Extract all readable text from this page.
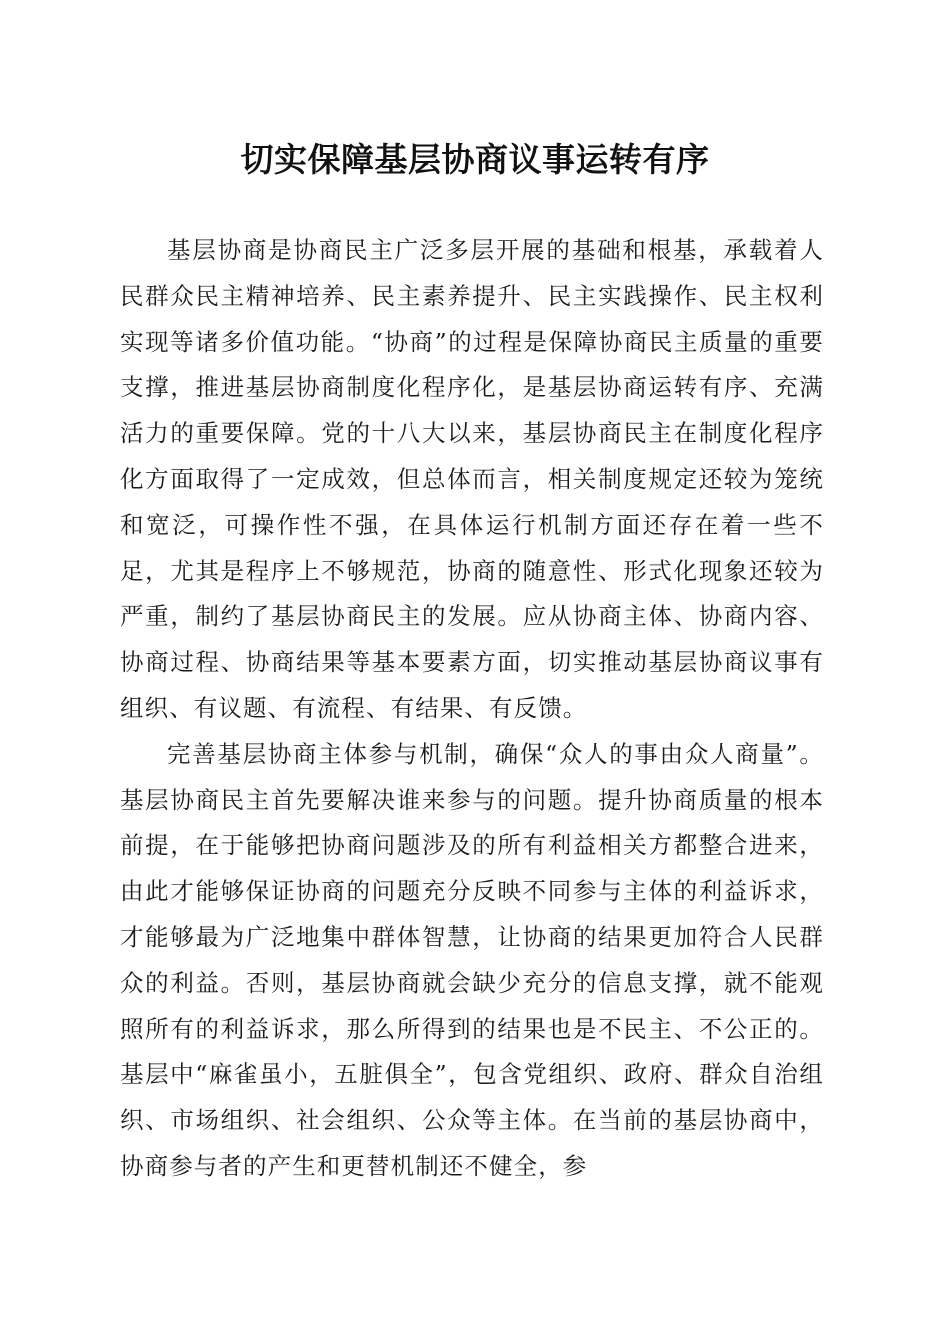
切实保障基层协商议事运转有序

基层协商是协商民主广泛多层开展的基础和根基，承载着人民群众民主精神培养、民主素养提升、民主实践操作、民主权利实现等诸多价值功能。“协商”的过程是保障协商民主质量的重要支撑，推进基层协商制度化程序化，是基层协商运转有序、充满活力的重要保障。党的十八大以来，基层协商民主在制度化程序化方面取得了一定成效，但总体而言，相关制度规定还较为笼统和宽泛，可操作性不强，在具体运行机制方面还存在着一些不足，尤其是程序上不够规范，协商的随意性、形式化现象还较为严重，制约了基层协商民主的发展。应从协商主体、协商内容、协商过程、协商结果等基本要素方面，切实推动基层协商议事有组织、有议题、有流程、有结果、有反馈。

完善基层协商主体参与机制，确保“众人的事由众人商量”。基层协商民主首先要解决谁来参与的问题。提升协商质量的根本前提，在于能够把协商问题涉及的所有利益相关方都整合进来，由此才能够保证协商的问题充分反映不同参与主体的利益诉求，才能够最为广泛地集中群体智慧，让协商的结果更加符合人民群众的利益。否则，基层协商就会缺少充分的信息支撑，就不能观照所有的利益诉求，那么所得到的结果也是不民主、不公正的。基层中“麻雀虽小，五脏俱全”，包含党组织、政府、群众自治组织、市场组织、社会组织、公众等主体。在当前的基层协商中，协商参与者的产生和更替机制还不健全，参
